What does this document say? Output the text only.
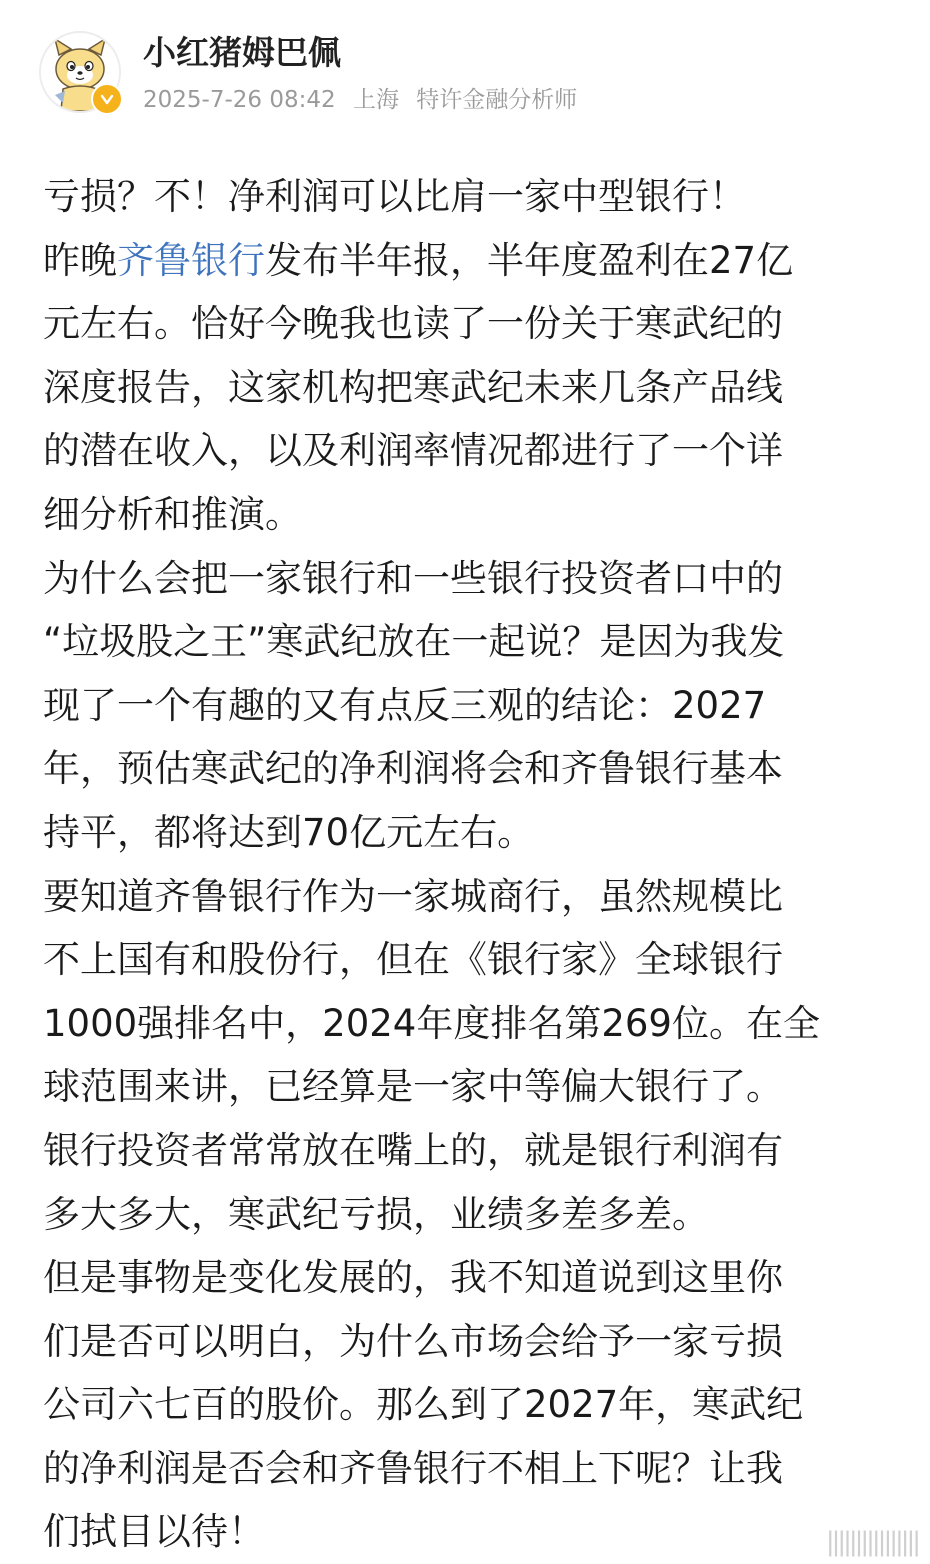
小红猪姆巴佩
2025-7-26 08:42 上海 特许金融分析师
亏损？不！净利润可以比肩一家中型银行！
昨晚齐鲁银行发布半年报，半年度盈利在27亿
元左右。恰好今晚我也读了一份关于寒武纪的
深度报告，这家机构把寒武纪未来几条产品线
的潜在收入，以及利润率情况都进行了一个详
细分析和推演。
为什么会把一家银行和一些银行投资者口中的
“垃圾股之王”寒武纪放在一起说？是因为我发
现了一个有趣的又有点反三观的结论：2027
年，预估寒武纪的净利润将会和齐鲁银行基本
持平，都将达到70亿元左右。
要知道齐鲁银行作为一家城商行，虽然规模比
不上国有和股份行，但在《银行家》全球银行
1000强排名中，2024年度排名第269位。在全
球范围来讲，已经算是一家中等偏大银行了。
银行投资者常常放在嘴上的，就是银行利润有
多大多大，寒武纪亏损，业绩多差多差。
但是事物是变化发展的，我不知道说到这里你
们是否可以明白，为什么市场会给予一家亏损
公司六七百的股价。那么到了2027年，寒武纪
的净利润是否会和齐鲁银行不相上下呢？让我
们拭目以待！	||||||||||||||||
